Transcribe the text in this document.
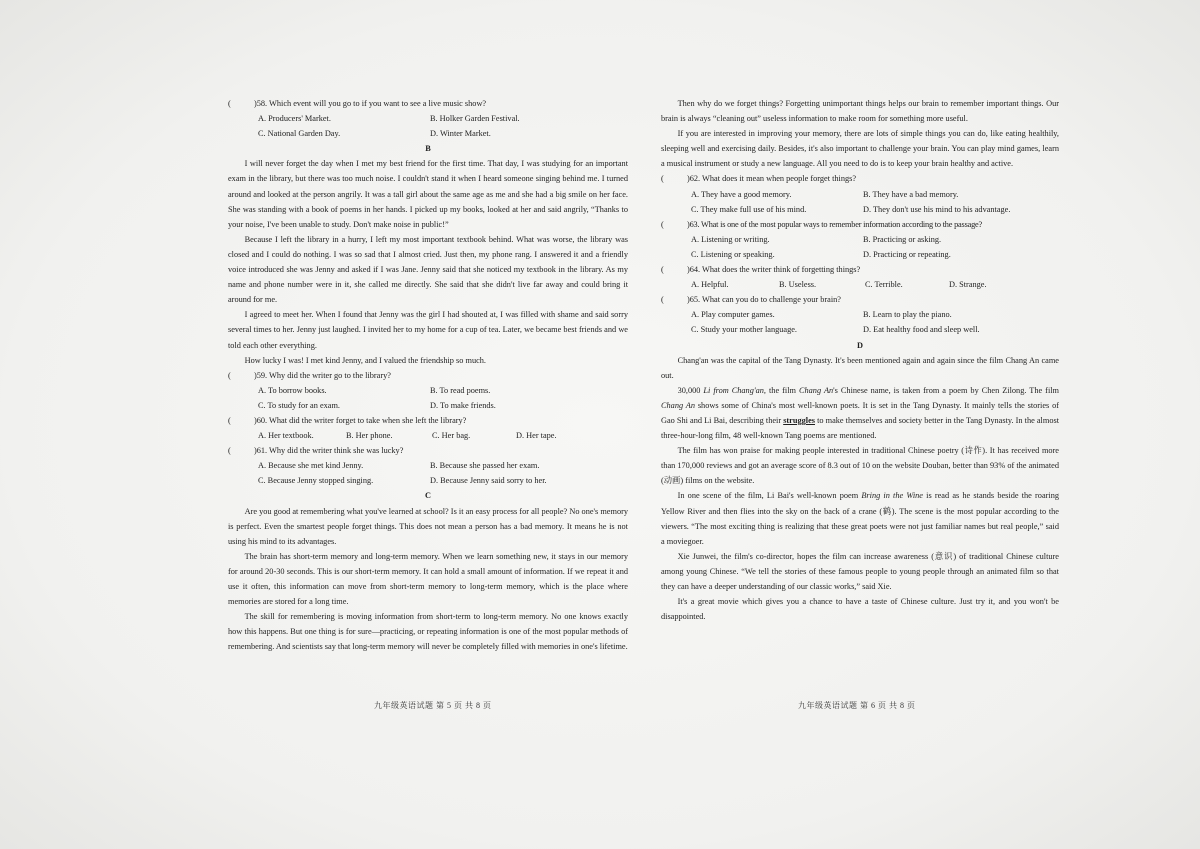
(	)58. Which event will you go to if you want to see a live music show?
A. Producers' Market.	B. Holker Garden Festival.
C. National Garden Day.	D. Winter Market.
B

I will never forget the day when I met my best friend for the first time. That day, I was studying for an important exam in the library, but there was too much noise. I couldn't stand it when I heard someone singing behind me. I turned around and looked at the person angrily. It was a tall girl about the same age as me and she had a big smile on her face. She was standing with a book of poems in her hands. I picked up my books, looked at her and said angrily, “Thanks to your noise, I've been unable to study. Don't make noise in public!”

Because I left the library in a hurry, I left my most important textbook behind. What was worse, the library was closed and I could do nothing. I was so sad that I almost cried. Just then, my phone rang. I answered it and a friendly voice introduced she was Jenny and asked if I was Jane. Jenny said that she noticed my textbook in the library. As my name and phone number were in it, she called me directly. She said that she didn't live far away and could bring it around for me.

I agreed to meet her. When I found that Jenny was the girl I had shouted at, I was filled with shame and said sorry several times to her. Jenny just laughed. I invited her to my home for a cup of tea. Later, we became best friends and we told each other everything.

How lucky I was! I met kind Jenny, and I valued the friendship so much.

(	)59. Why did the writer go to the library?
A. To borrow books.	B. To read poems.
C. To study for an exam.	D. To make friends.
(	)60. What did the writer forget to take when she left the library?
A. Her textbook.	B. Her phone.	C. Her bag.	D. Her tape.
(	)61. Why did the writer think she was lucky?
A. Because she met kind Jenny.	B. Because she passed her exam.
C. Because Jenny stopped singing.	D. Because Jenny said sorry to her.
C

Are you good at remembering what you've learned at school? Is it an easy process for all people? No one's memory is perfect. Even the smartest people forget things. This does not mean a person has a bad memory. It means he is not using his mind to its advantages.

The brain has short-term memory and long-term memory. When we learn something new, it stays in our memory for around 20-30 seconds. This is our short-term memory. It can hold a small amount of information. If we repeat it and use it often, this information can move from short-term memory to long-term memory, which is the place where memories are stored for a long time.

The skill for remembering is moving information from short-term to long-term memory. No one knows exactly how this happens. But one thing is for sure—practicing, or repeating information is one of the most popular methods of remembering. And scientists say that long-term memory will never be completely filled with memories in one's lifetime.

九年级英语试题 第 5 页 共 8 页

Then why do we forget things? Forgetting unimportant things helps our brain to remember important things. Our brain is always “cleaning out” useless information to make room for something more useful.

If you are interested in improving your memory, there are lots of simple things you can do, like eating healthily, sleeping well and exercising daily. Besides, it's also important to challenge your brain. You can play mind games, learn a musical instrument or study a new language. All you need to do is to keep your brain healthy and active.

(	)62. What does it mean when people forget things?
A. They have a good memory.	B. They have a bad memory.
C. They make full use of his mind.	D. They don't use his mind to his advantage.
(	)63. What is one of the most popular ways to remember information according to the passage?
A. Listening or writing.	B. Practicing or asking.
C. Listening or speaking.	D. Practicing or repeating.
(	)64. What does the writer think of forgetting things?
A. Helpful.	B. Useless.	C. Terrible.	D. Strange.
(	)65. What can you do to challenge your brain?
A. Play computer games.	B. Learn to play the piano.
C. Study your mother language.	D. Eat healthy food and sleep well.
D

Chang'an was the capital of the Tang Dynasty. It's been mentioned again and again since the film Chang An came out.

30,000 Li from Chang'an, the film Chang An's Chinese name, is taken from a poem by Chen Zilong. The film Chang An shows some of China's most well-known poets. It is set in the Tang Dynasty. It mainly tells the stories of Gao Shi and Li Bai, describing their struggles to make themselves and society better in the Tang Dynasty. In the almost three-hour-long film, 48 well-known Tang poems are mentioned.

The film has won praise for making people interested in traditional Chinese poetry (诗作). It has received more than 170,000 reviews and got an average score of 8.3 out of 10 on the website Douban, better than 93% of the animated (动画) films on the website.

In one scene of the film, Li Bai's well-known poem Bring in the Wine is read as he stands beside the roaring Yellow River and then flies into the sky on the back of a crane (鹤). The scene is the most popular according to the viewers. “The most exciting thing is realizing that these great poets were not just familiar names but real people,” said a moviegoer.

Xie Junwei, the film's co-director, hopes the film can increase awareness (意识) of traditional Chinese culture among young Chinese. “We tell the stories of these famous people to young people through an animated film so that they can have a deeper understanding of our classic works,” said Xie.

It's a great movie which gives you a chance to have a taste of Chinese culture. Just try it, and you won't be disappointed.

九年级英语试题 第 6 页 共 8 页
